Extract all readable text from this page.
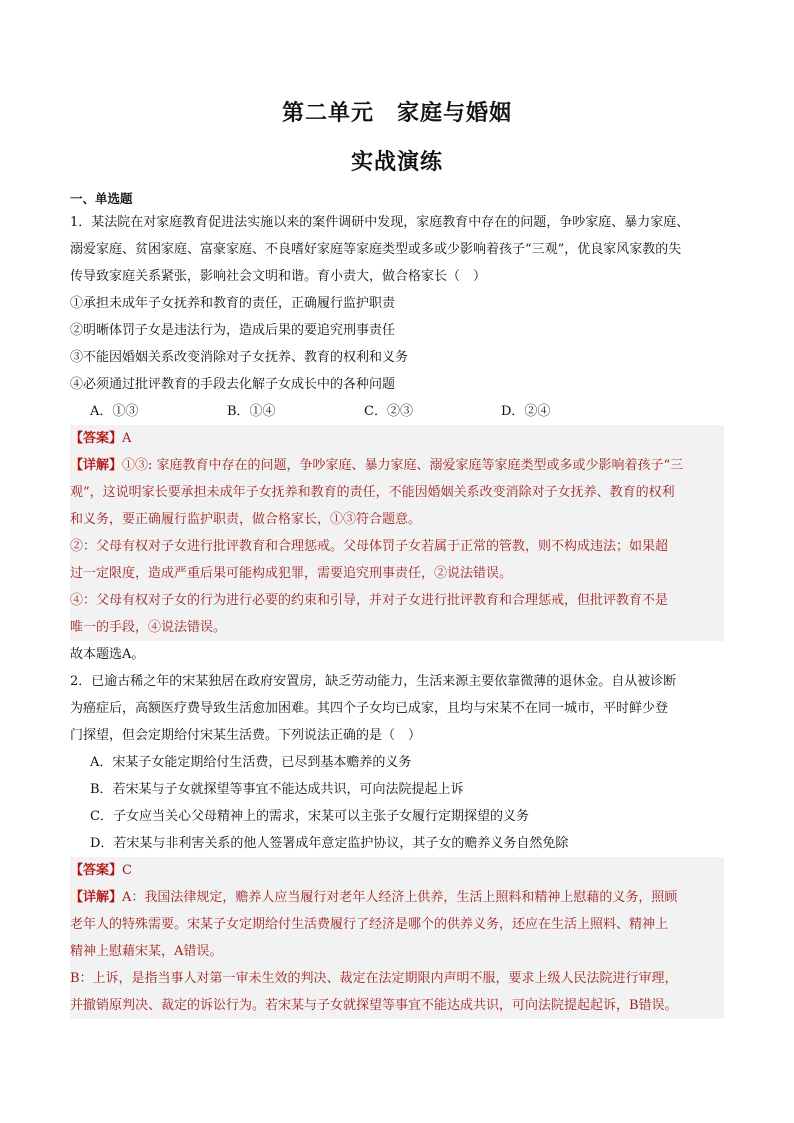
第二单元　家庭与婚姻
实战演练
一、单选题
1．某法院在对家庭教育促进法实施以来的案件调研中发现，家庭教育中存在的问题，争吵家庭、暴力家庭、
溺爱家庭、贫困家庭、富豪家庭、不良嗜好家庭等家庭类型或多或少影响着孩子“三观”，优良家风家教的失
传导致家庭关系紧张，影响社会文明和谐。育小责大，做合格家长（　）
①承担未成年子女抚养和教育的责任，正确履行监护职责
②明晰体罚子女是违法行为，造成后果的要追究刑事责任
③不能因婚姻关系改变消除对子女抚养、教育的权利和义务
④必须通过批评教育的手段去化解子女成长中的各种问题
A．①③	B．①④	C．②③	D．②④
【答案】A
【详解】①③: 家庭教育中存在的问题，争吵家庭、暴力家庭、溺爱家庭等家庭类型或多或少影响着孩子“三
观”，这说明家长要承担未成年子女抚养和教育的责任，不能因婚姻关系改变消除对子女抚养、教育的权利
和义务，要正确履行监护职责，做合格家长，①③符合题意。
②：父母有权对子女进行批评教育和合理惩戒。父母体罚子女若属于正常的管教，则不构成违法；如果超
过一定限度，造成严重后果可能构成犯罪，需要追究刑事责任，②说法错误。
④：父母有权对子女的行为进行必要的约束和引导，并对子女进行批评教育和合理惩戒，但批评教育不是
唯一的手段，④说法错误。
故本题选A。
2．已逾古稀之年的宋某独居在政府安置房，缺乏劳动能力，生活来源主要依靠微薄的退休金。自从被诊断
为癌症后，高额医疗费导致生活愈加困难。其四个子女均已成家，且均与宋某不在同一城市，平时鲜少登
门探望，但会定期给付宋某生活费。下列说法正确的是（　）
A．宋某子女能定期给付生活费，已尽到基本赡养的义务
B．若宋某与子女就探望等事宜不能达成共识，可向法院提起上诉
C．子女应当关心父母精神上的需求，宋某可以主张子女履行定期探望的义务
D．若宋某与非利害关系的他人签署成年意定监护协议，其子女的赡养义务自然免除
【答案】C
【详解】A：我国法律规定，赡养人应当履行对老年人经济上供养，生活上照料和精神上慰藉的义务，照顾
老年人的特殊需要。宋某子女定期给付生活费履行了经济是哪个的供养义务，还应在生活上照料、精神上
精神上慰藉宋某，A错误。
B：上诉，是指当事人对第一审未生效的判决、裁定在法定期限内声明不服，要求上级人民法院进行审理，
并撤销原判决、裁定的诉讼行为。若宋某与子女就探望等事宜不能达成共识，可向法院提起起诉，B错误。
